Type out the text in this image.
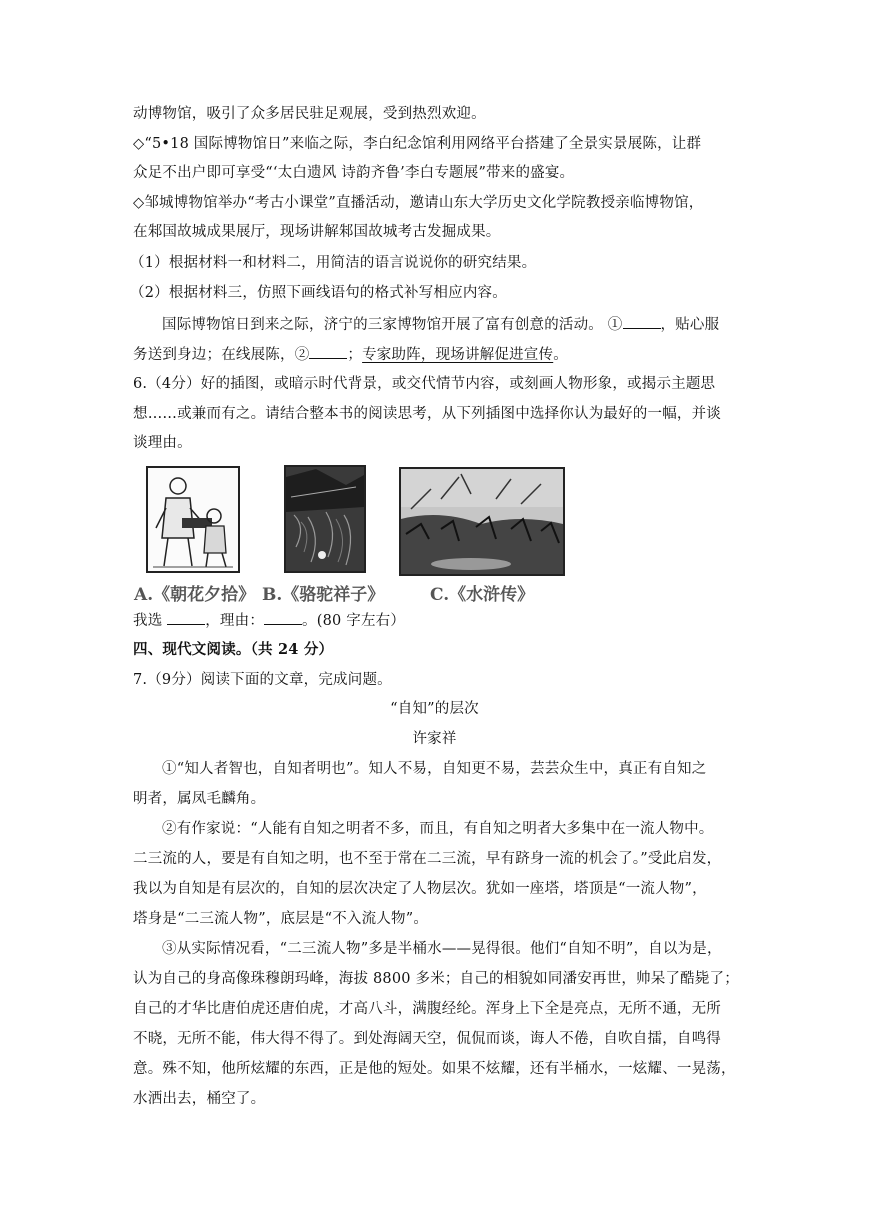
动博物馆，吸引了众多居民驻足观展，受到热烈欢迎。
◇“5•18 国际博物馆日”来临之际，李白纪念馆利用网络平台搭建了全景实景展陈，让群
众足不出户即可享受“‘太白遗风 诗韵齐鲁’李白专题展”带来的盛宴。
◇邹城博物馆举办“考古小课堂”直播活动，邀请山东大学历史文化学院教授亲临博物馆，
在邾国故城成果展厅，现场讲解邾国故城考古发掘成果。
（1）根据材料一和材料二，用简洁的语言说说你的研究结果。
（2）根据材料三，仿照下画线语句的格式补写相应内容。
国际博物馆日到来之际，济宁的三家博物馆开展了富有创意的活动。 ①	，贴心服
务送到身边；在线展陈，②	；专家助阵，现场讲解促进宣传。
6.（4分）好的插图，或暗示时代背景，或交代情节内容，或刻画人物形象，或揭示主题思
想……或兼而有之。请结合整本书的阅读思考，从下列插图中选择你认为最好的一幅，并谈
谈理由。
A.《朝花夕拾》 B.《骆驼祥子》	C.《水浒传》
我选	，理由：	。(80 字左右）
四、现代文阅读。（共 24 分）
7.（9分）阅读下面的文章，完成问题。
“自知”的层次
许家祥
①“知人者智也，自知者明也”。知人不易，自知更不易，芸芸众生中，真正有自知之
明者，属凤毛麟角。
②有作家说：“人能有自知之明者不多，而且，有自知之明者大多集中在一流人物中。
二三流的人，要是有自知之明，也不至于常在二三流，早有跻身一流的机会了。”受此启发，
我以为自知是有层次的，自知的层次决定了人物层次。犹如一座塔，塔顶是“一流人物”，
塔身是“二三流人物”，底层是“不入流人物”。
③从实际情况看，“二三流人物”多是半桶水——晃得很。他们“自知不明”，自以为是，
认为自己的身高像珠穆朗玛峰，海拔 8800 多米；自己的相貌如同潘安再世，帅呆了酷毙了；
自己的才华比唐伯虎还唐伯虎，才高八斗，满腹经纶。浑身上下全是亮点，无所不通，无所
不晓，无所不能，伟大得不得了。到处海阔天空，侃侃而谈，诲人不倦，自吹自擂，自鸣得
意。殊不知，他所炫耀的东西，正是他的短处。如果不炫耀，还有半桶水，一炫耀、一晃荡，
水洒出去，桶空了。
